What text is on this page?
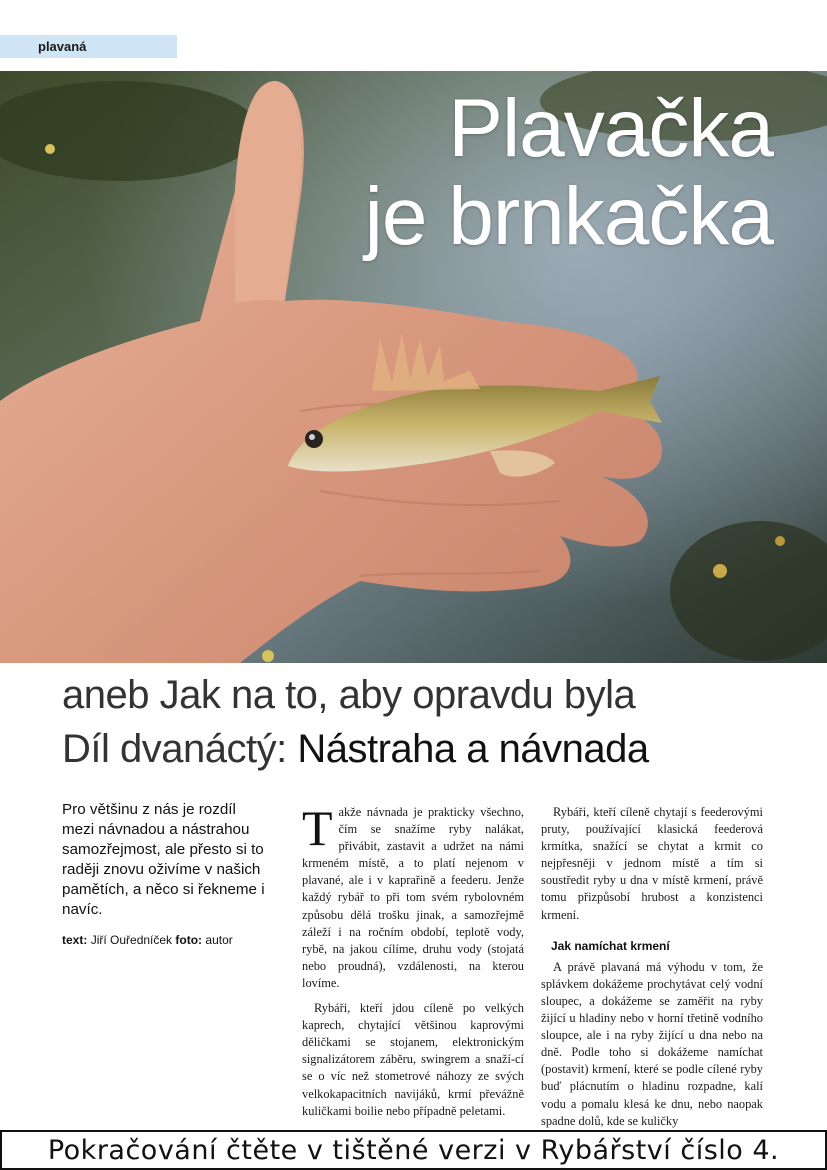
plavaná
Plavačka
je brnkačka
aneb Jak na to, aby opravdu byla
Díl dvanáctý: Nástraha a návnada
Pro většinu z nás je rozdíl mezi návnadou a nástrahou samozřejmost, ale přesto si to raději znovu oživíme v našich pamětích, a něco si řekneme i navíc.
text: Jiří Ouředníček foto: autor

Takže návnada je prakticky všechno, čím se snažíme ryby nalákat, přivábit, zastavit a udržet na námi krmeném místě, a to platí nejenom v plavané, ale i v kaprařině a feederu. Jenže každý rybář to při tom svém rybolovném způsobu dělá trošku jinak, a samozřejmě záleží i na ročním období, teplotě vody, rybě, na jakou cílíme, druhu vody (stojatá nebo proudná), vzdálenosti, na kterou lovíme.

Rybáři, kteří jdou cíleně po velkých kaprech, chytající většinou kaprovými děličkami se stojanem, elektronickým signalizátorem záběru, swingrem a snaží-cí se o víc než stometrové náhozy ze svých velkokapacitních navijáků, krmí převážně kuličkami boilie nebo případně peletami.

Rybáři, kteří cíleně chytají s feederovými pruty, používající klasická feederová krmítka, snažící se chytat a krmit co nejpřesněji v jednom místě a tím si soustředit ryby u dna v místě krmení, právě tomu přizpůsobí hrubost a konzistenci krmení.

Jak namíchat krmení

A právě plavaná má výhodu v tom, že splávkem dokážeme prochytávat celý vodní sloupec, a dokážeme se zaměřit na ryby žijící u hladiny nebo v horní třetině vodního sloupce, ale i na ryby žijící u dna nebo na dně. Podle toho si dokážeme namíchat (postavit) krmení, které se podle cílené ryby buď plácnutím o hladinu rozpadne, kalí vodu a pomalu klesá ke dnu, nebo naopak spadne dolů, kde se kuličky

Pokračování čtěte v tištěné verzi v Rybářství číslo 4.
